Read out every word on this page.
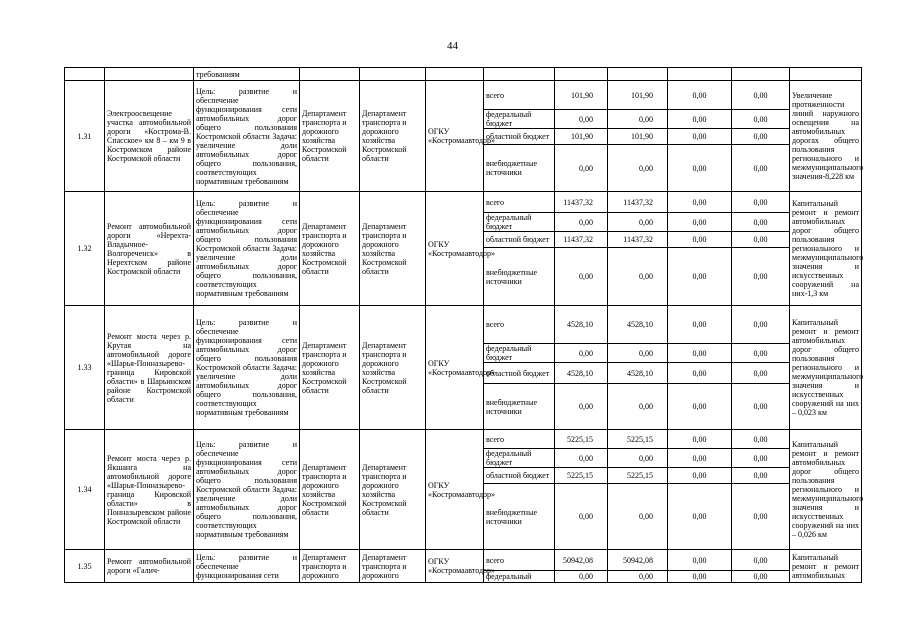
44
		требованиям									
1.31	Электроосвещение участка автомобильной дороги «Кострома-В. Спасское» км 8 – км 9 в Костромском районе Костромской области	Цель: развитие и обеспечение функционирования сети автомобильных дорог общего пользования Костромской области Задача: увеличение доли автомобильных дорог общего пользования, соответствующих нормативным требованиям	Департамент транспорта и дорожного хозяйства Костромской области	Департамент транспорта и дорожного хозяйства Костромской области	ОГКУ «Костромаавтодор»	всего	101,90	101,90	0,00	0,00	Увеличение протяженности линий наружного освещения на автомобильных дорогах общего пользования регионального и межмуниципального значения-8,228 км
						федеральный бюджет	0,00	0,00	0,00	0,00	
						областной бюджет	101,90	101,90	0,00	0,00	
						внебюджетные источники	0,00	0,00	0,00	0,00	
1.32	Ремонт автомобильной дороги «Нерехта-Владычное-Волгореченск» в Нерехтском районе Костромской области	Цель: развитие и обеспечение функционирования сети автомобильных дорог общего пользования Костромской области Задача: увеличение доли автомобильных дорог общего пользования, соответствующих нормативным требованиям	Департамент транспорта и дорожного хозяйства Костромской области	Департамент транспорта и дорожного хозяйства Костромской области	ОГКУ «Костромаавтодор»	всего	11437,32	11437,32	0,00	0,00	Капитальный ремонт и ремонт автомобильных дорог общего пользования регионального и межмуниципального значения и искусственных сооружений на них-1,3 км
						федеральный бюджет	0,00	0,00	0,00	0,00	
						областной бюджет	11437,32	11437,32	0,00	0,00	
						внебюджетные источники	0,00	0,00	0,00	0,00	
1.33	Ремонт моста через р. Крутая на автомобильной дороге «Шарья-Понназырево-граница Кировской области» в Шарьинском районе Костромской области	Цель: развитие и обеспечение функционирования сети автомобильных дорог общего пользования Костромской области Задача: увеличение доли автомобильных дорог общего пользования, соответствующих нормативным требованиям	Департамент транспорта и дорожного хозяйства Костромской области	Департамент транспорта и дорожного хозяйства Костромской области	ОГКУ «Костромаавтодор»	всего	4528,10	4528,10	0,00	0,00	Капитальный ремонт и ремонт автомобильных дорог общего пользования регионального и межмуниципального значения и искусственных сооружений на них – 0,023 км
						федеральный бюджет	0,00	0,00	0,00	0,00	
						областной бюджет	4528,10	4528,10	0,00	0,00	
						внебюджетные источники	0,00	0,00	0,00	0,00	
1.34	Ремонт моста через р. Якшанга на автомобильной дороге «Шарья-Понназырево-граница Кировской области» в Понназыревском районе Костромской области	Цель: развитие и обеспечение функционирования сети автомобильных дорог общего пользования Костромской области Задача: увеличение доли автомобильных дорог общего пользования, соответствующих нормативным требованиям	Департамент транспорта и дорожного хозяйства Костромской области	Департамент транспорта и дорожного хозяйства Костромской области	ОГКУ «Костромаавтодор»	всего	5225,15	5225,15	0,00	0,00	Капитальный ремонт и ремонт автомобильных дорог общего пользования регионального и межмуниципального значения и искусственных сооружений на них – 0,026 км
						федеральный бюджет	0,00	0,00	0,00	0,00	
						областной бюджет	5225,15	5225,15	0,00	0,00	
						внебюджетные источники	0,00	0,00	0,00	0,00	
1.35	Ремонт автомобильной дороги «Галич-	Цель: развитие и обеспечение функционирования сети	Департамент транспорта и дорожного	Департамент транспорта и дорожного	ОГКУ «Костромаавтодор»	всего	50942,08	50942,08	0,00	0,00	Капитальный ремонт и ремонт автомобильных
						федеральный	0,00	0,00	0,00	0,00	
